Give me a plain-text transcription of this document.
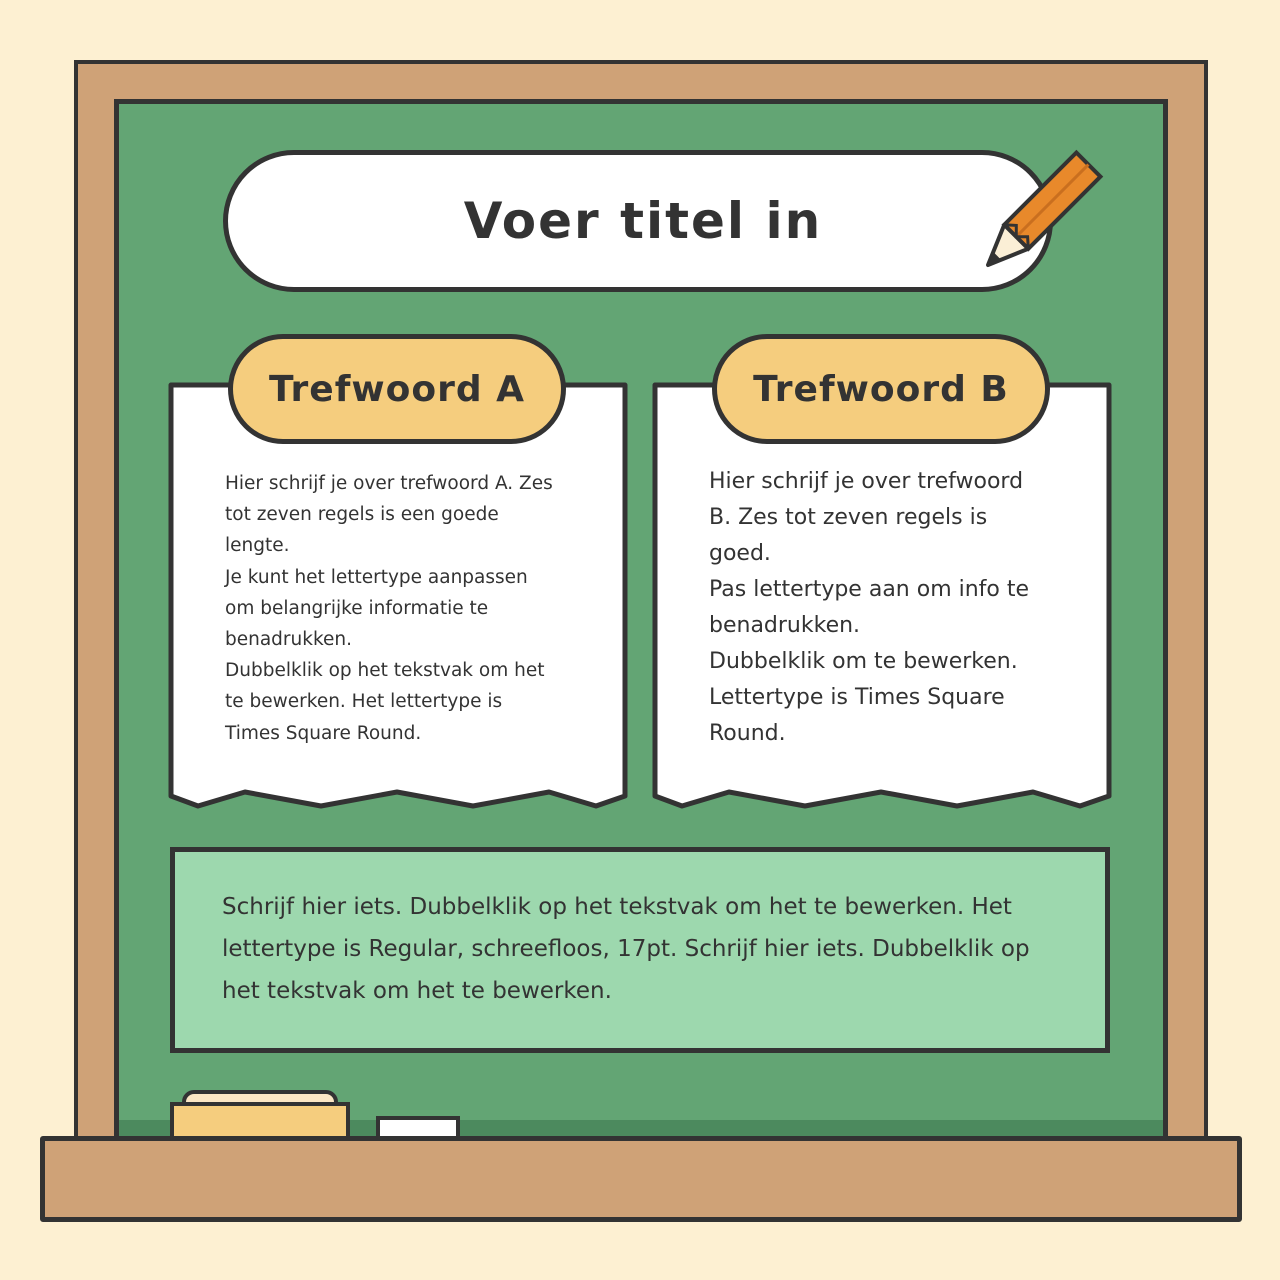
Voer titel in
Trefwoord A

Hier schrijf je over trefwoord A. Zes tot zeven regels is een goede lengte.
Je kunt het lettertype aanpassen om belangrijke informatie te benadrukken.
Dubbelklik op het tekstvak om het te bewerken. Het lettertype is Times Square Round.

Trefwoord B

Hier schrijf je over trefwoord B. Zes tot zeven regels is goed.
Pas lettertype aan om info te benadrukken.
Dubbelklik om te bewerken.
Lettertype is Times Square Round.

Schrijf hier iets. Dubbelklik op het tekstvak om het te bewerken. Het lettertype is Regular, schreefloos, 17pt. Schrijf hier iets. Dubbelklik op het tekstvak om het te bewerken.
